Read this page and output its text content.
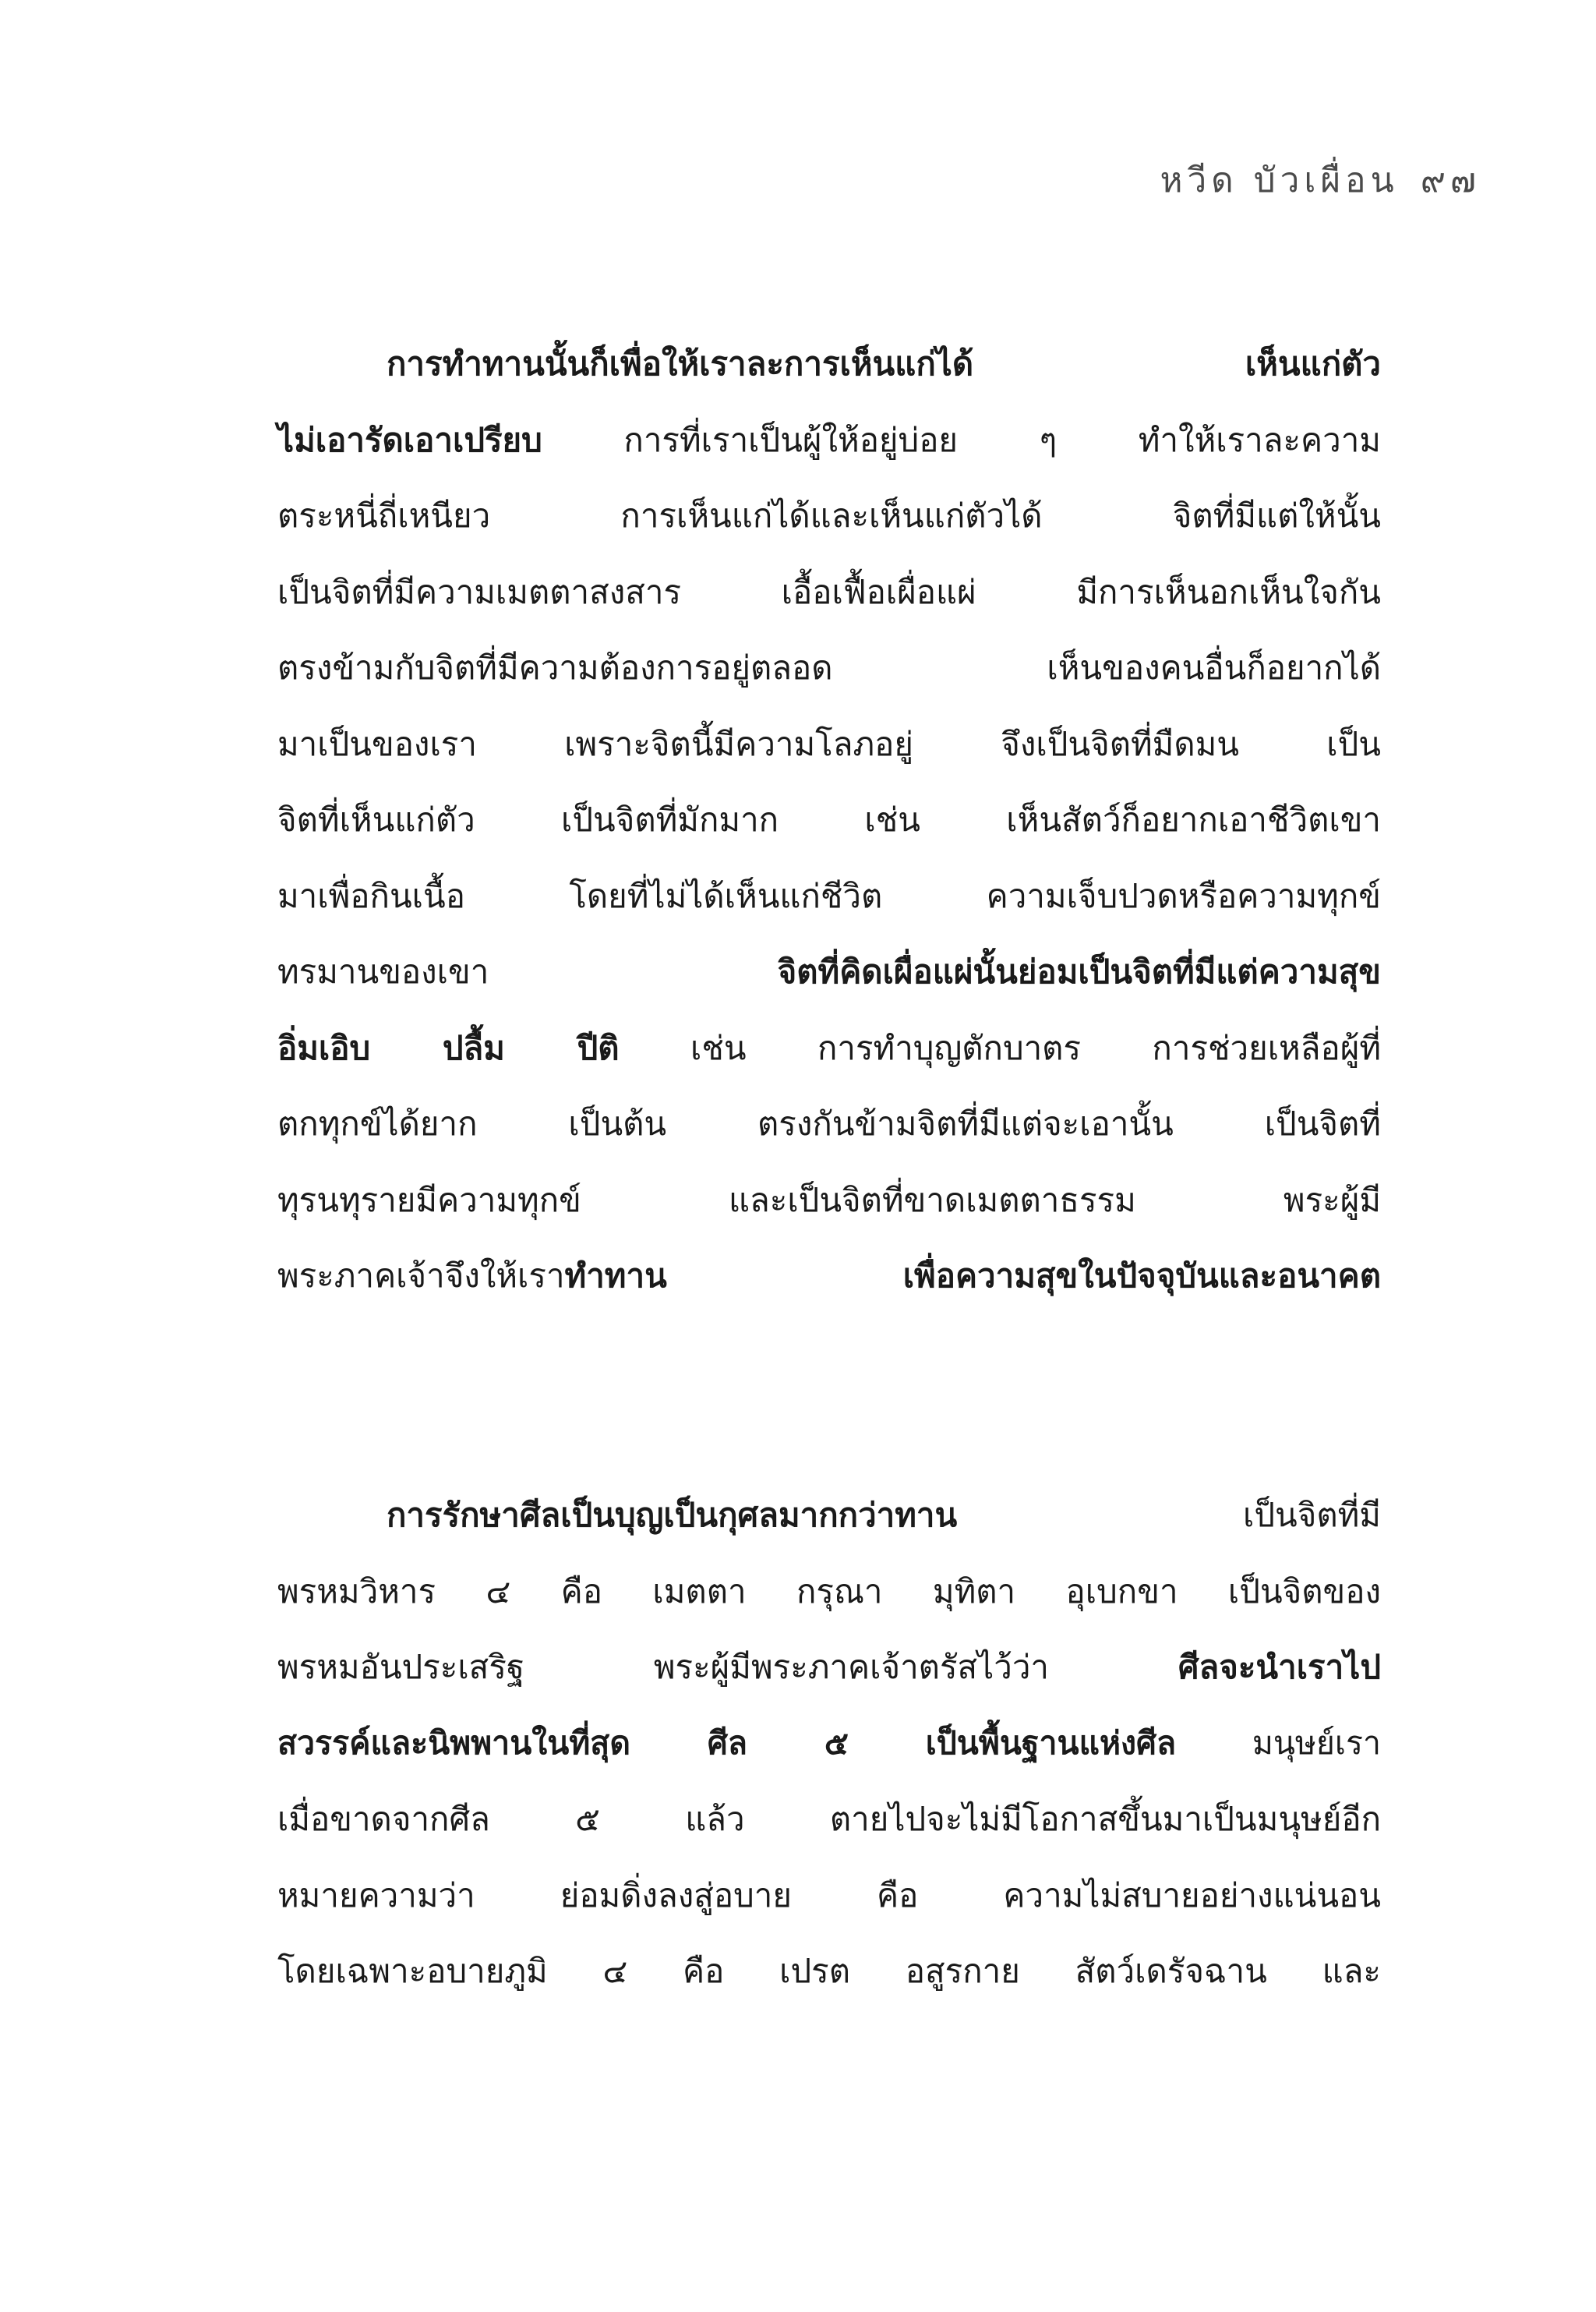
หวีด บัวเผื่อน ๙๗
การทำทานนั้นก็เพื่อให้เราละการเห็นแก่ได้ เห็นแก่ตัว
ไม่เอารัดเอาเปรียบ การที่เราเป็นผู้ให้อยู่บ่อย ๆ ทำให้เราละความ
ตระหนี่ถี่เหนียว การเห็นแก่ได้และเห็นแก่ตัวได้ จิตที่มีแต่ให้นั้น
เป็นจิตที่มีความเมตตาสงสาร เอื้อเฟื้อเผื่อแผ่ มีการเห็นอกเห็นใจกัน
ตรงข้ามกับจิตที่มีความต้องการอยู่ตลอด เห็นของคนอื่นก็อยากได้
มาเป็นของเรา เพราะจิตนี้มีความโลภอยู่ จึงเป็นจิตที่มืดมน เป็น
จิตที่เห็นแก่ตัว เป็นจิตที่มักมาก เช่น เห็นสัตว์ก็อยากเอาชีวิตเขา
มาเพื่อกินเนื้อ โดยที่ไม่ได้เห็นแก่ชีวิต ความเจ็บปวดหรือความทุกข์
ทรมานของเขา จิตที่คิดเผื่อแผ่นั้นย่อมเป็นจิตที่มีแต่ความสุข
อิ่มเอิบ ปลื้ม ปีติ เช่น การทำบุญตักบาตร การช่วยเหลือผู้ที่
ตกทุกข์ได้ยาก เป็นต้น ตรงกันข้ามจิตที่มีแต่จะเอานั้น เป็นจิตที่
ทุรนทุรายมีความทุกข์ และเป็นจิตที่ขาดเมตตาธรรม พระผู้มี
พระภาคเจ้าจึงให้เราทำทาน เพื่อความสุขในปัจจุบันและอนาคต
การรักษาศีลเป็นบุญเป็นกุศลมากกว่าทาน เป็นจิตที่มี
พรหมวิหาร ๔ คือ เมตตา กรุณา มุทิตา อุเบกขา เป็นจิตของ
พรหมอันประเสริฐ พระผู้มีพระภาคเจ้าตรัสไว้ว่า ศีลจะนำเราไป
สวรรค์และนิพพานในที่สุด ศีล ๕ เป็นพื้นฐานแห่งศีล มนุษย์เรา
เมื่อขาดจากศีล ๕ แล้ว ตายไปจะไม่มีโอกาสขึ้นมาเป็นมนุษย์อีก
หมายความว่า ย่อมดิ่งลงสู่อบาย คือ ความไม่สบายอย่างแน่นอน
โดยเฉพาะอบายภูมิ ๔ คือ เปรต อสูรกาย สัตว์เดรัจฉาน และ
